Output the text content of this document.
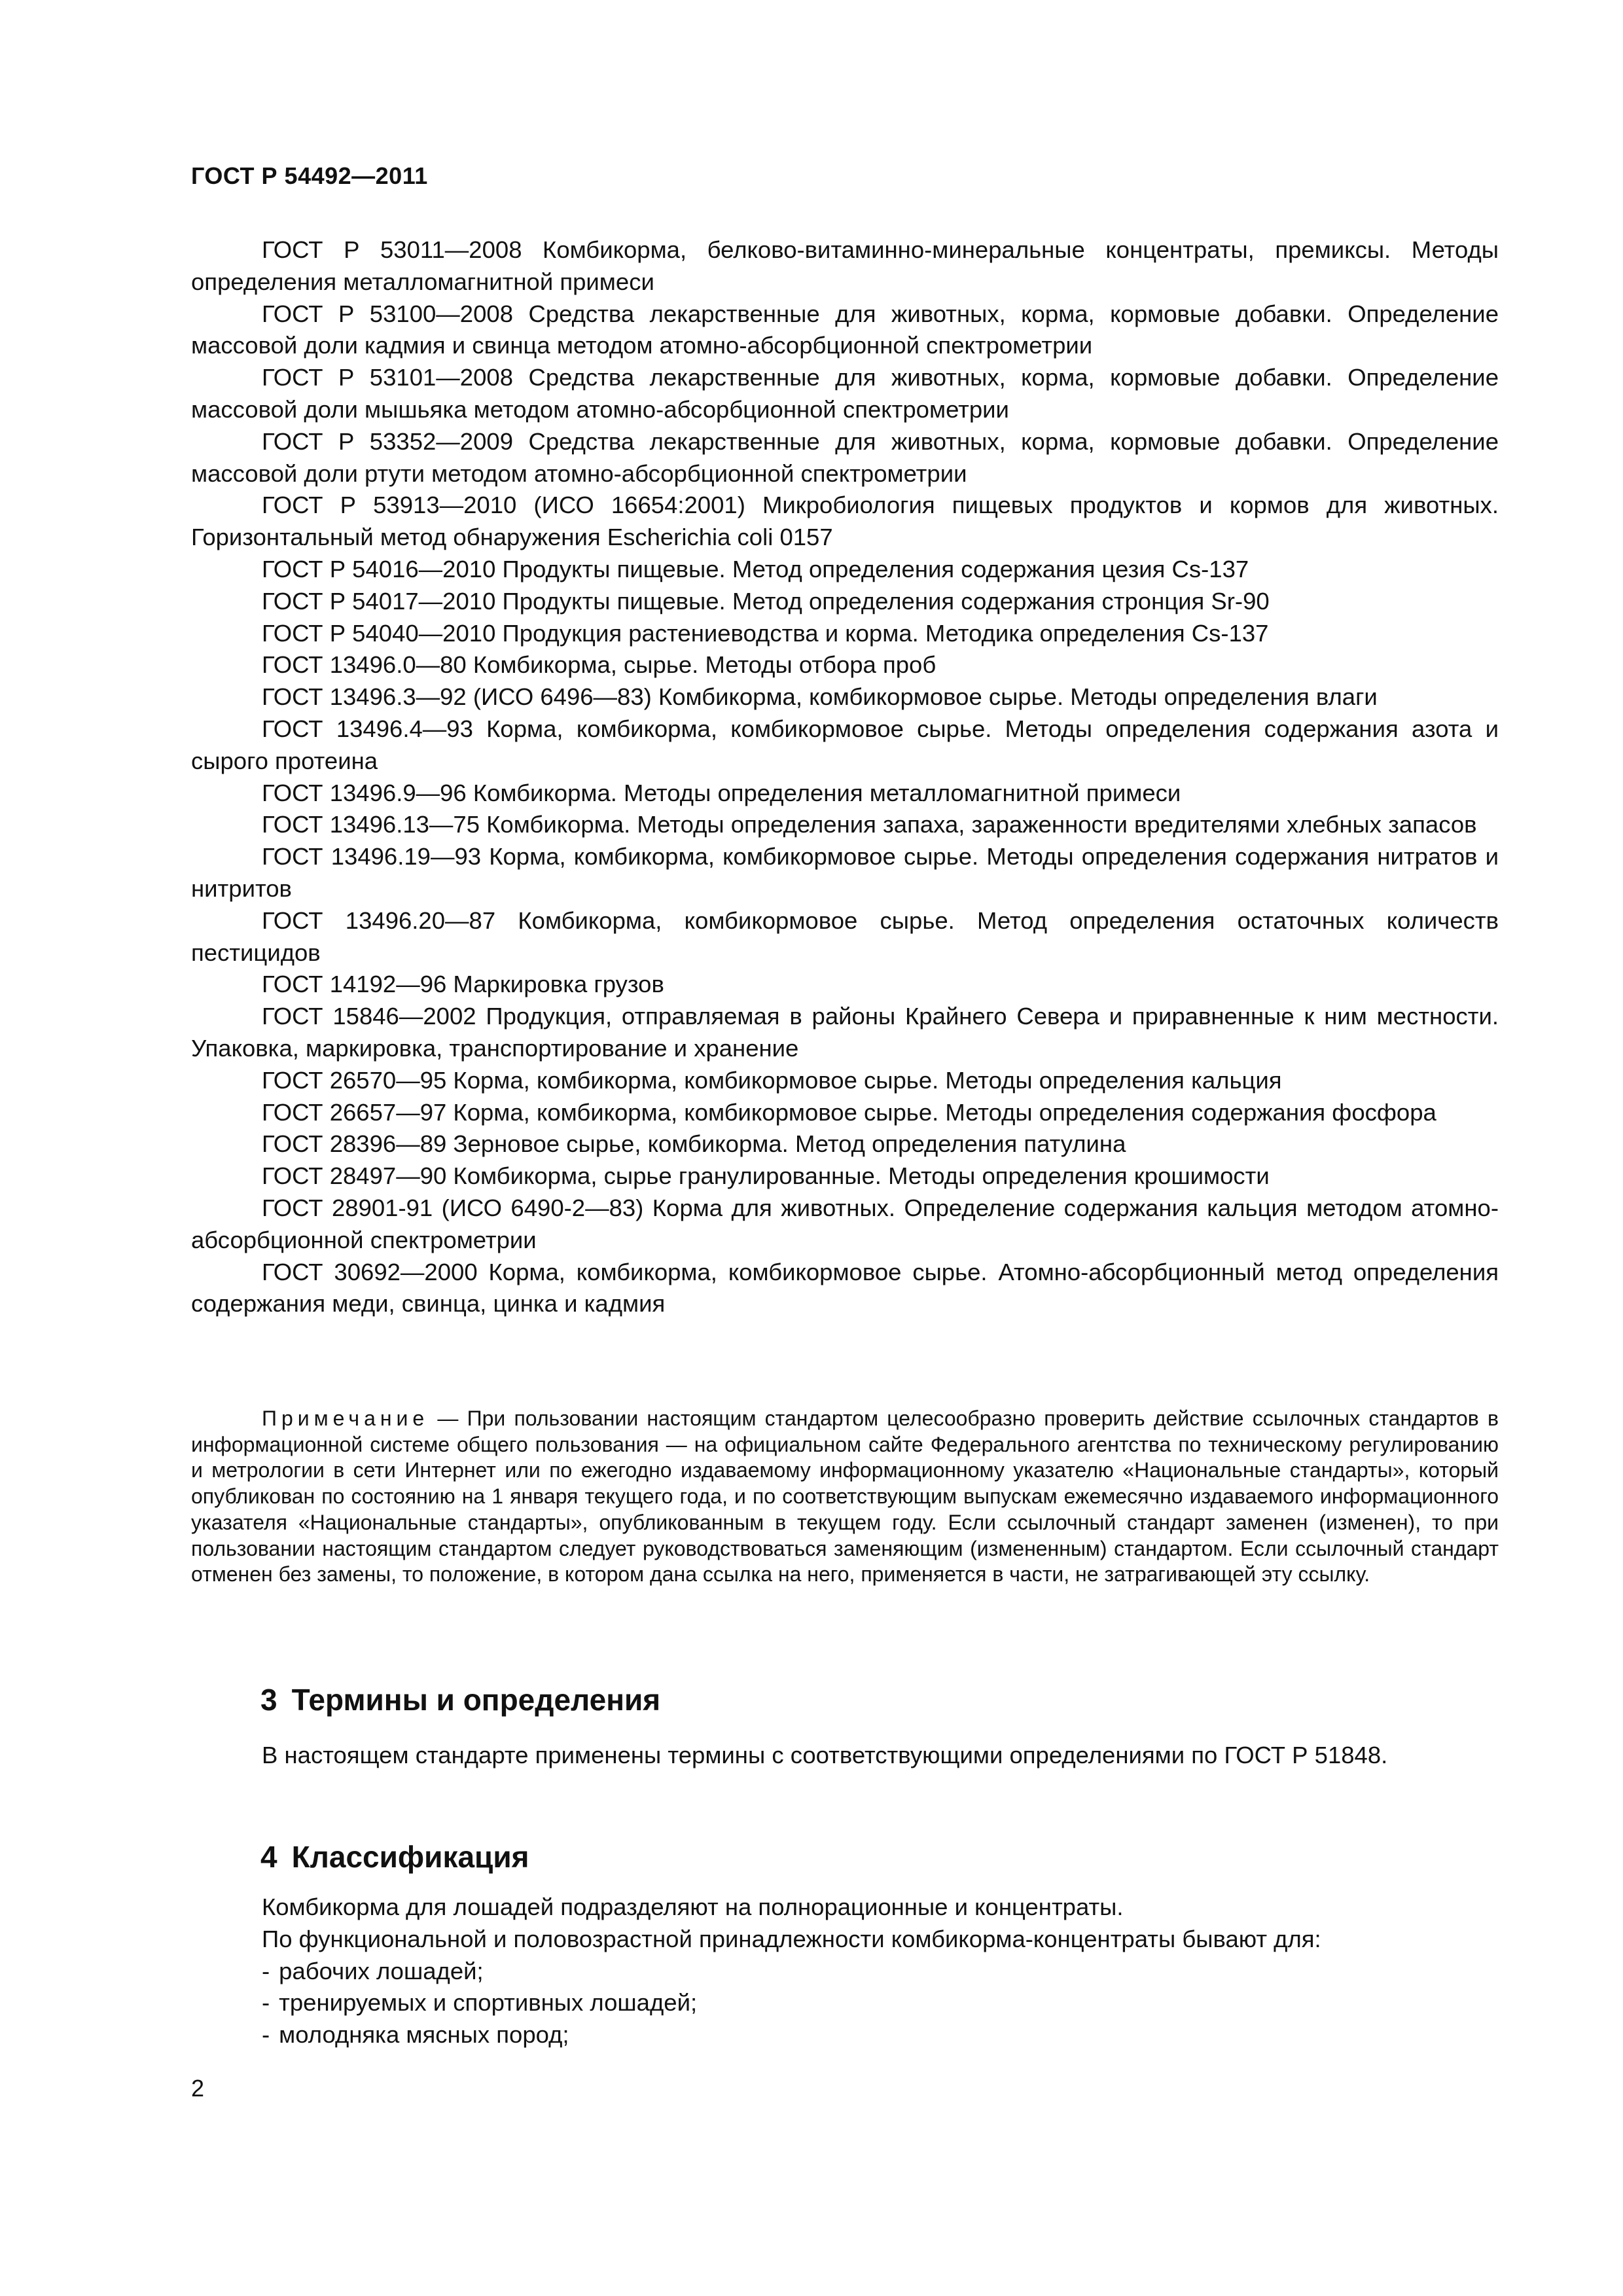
ГОСТ Р 54492—2011

ГОСТ Р 53011—2008 Комбикорма, белково-витаминно-минеральные концентраты, премиксы. Методы определения металломагнитной примеси

ГОСТ Р 53100—2008 Средства лекарственные для животных, корма, кормовые добавки. Определение массовой доли кадмия и свинца методом атомно-абсорбционной спектрометрии

ГОСТ Р 53101—2008 Средства лекарственные для животных, корма, кормовые добавки. Определение массовой доли мышьяка методом атомно-абсорбционной спектрометрии

ГОСТ Р 53352—2009 Средства лекарственные для животных, корма, кормовые добавки. Определение массовой доли ртути методом атомно-абсорбционной спектрометрии

ГОСТ Р 53913—2010 (ИСО 16654:2001) Микробиология пищевых продуктов и кормов для животных. Горизонтальный метод обнаружения Escherichia coli 0157

ГОСТ Р 54016—2010 Продукты пищевые. Метод определения содержания цезия Cs-137

ГОСТ Р 54017—2010 Продукты пищевые. Метод определения содержания стронция Sr-90

ГОСТ Р 54040—2010 Продукция растениеводства и корма. Методика определения Cs-137

ГОСТ 13496.0—80 Комбикорма, сырье. Методы отбора проб

ГОСТ 13496.3—92 (ИСО 6496—83) Комбикорма, комбикормовое сырье. Методы определения влаги

ГОСТ 13496.4—93 Корма, комбикорма, комбикормовое сырье. Методы определения содержания азота и сырого протеина

ГОСТ 13496.9—96 Комбикорма. Методы определения металломагнитной примеси

ГОСТ 13496.13—75 Комбикорма. Методы определения запаха, зараженности вредителями хлебных запасов

ГОСТ 13496.19—93 Корма, комбикорма, комбикормовое сырье. Методы определения содержания нитратов и нитритов

ГОСТ 13496.20—87 Комбикорма, комбикормовое сырье. Метод определения остаточных количеств пестицидов

ГОСТ 14192—96 Маркировка грузов

ГОСТ 15846—2002 Продукция, отправляемая в районы Крайнего Севера и приравненные к ним местности. Упаковка, маркировка, транспортирование и хранение

ГОСТ 26570—95 Корма, комбикорма, комбикормовое сырье. Методы определения кальция

ГОСТ 26657—97 Корма, комбикорма, комбикормовое сырье. Методы определения содержания фосфора

ГОСТ 28396—89 Зерновое сырье, комбикорма. Метод определения патулина

ГОСТ 28497—90 Комбикорма, сырье гранулированные. Методы определения крошимости

ГОСТ 28901-91 (ИСО 6490-2—83) Корма для животных. Определение содержания кальция методом атомно-абсорбционной спектрометрии

ГОСТ 30692—2000 Корма, комбикорма, комбикормовое сырье. Атомно-абсорбционный метод определения содержания меди, свинца, цинка и кадмия

Примечание — При пользовании настоящим стандартом целесообразно проверить действие ссылочных стандартов в информационной системе общего пользования — на официальном сайте Федерального агентства по техническому регулированию и метрологии в сети Интернет или по ежегодно издаваемому информационному указателю «Национальные стандарты», который опубликован по состоянию на 1 января текущего года, и по соответствующим выпускам ежемесячно издаваемого информационного указателя «Национальные стандарты», опубликованным в текущем году. Если ссылочный стандарт заменен (изменен), то при пользовании настоящим стандартом следует руководствоваться заменяющим (измененным) стандартом. Если ссылочный стандарт отменен без замены, то положение, в котором дана ссылка на него, применяется в части, не затрагивающей эту ссылку.

3 Термины и определения

В настоящем стандарте применены термины с соответствующими определениями по ГОСТ Р 51848.

4 Классификация

Комбикорма для лошадей подразделяют на полнорационные и концентраты.

По функциональной и половозрастной принадлежности комбикорма-концентраты бывают для:

- рабочих лошадей;

- тренируемых и спортивных лошадей;

- молодняка мясных пород;

2
